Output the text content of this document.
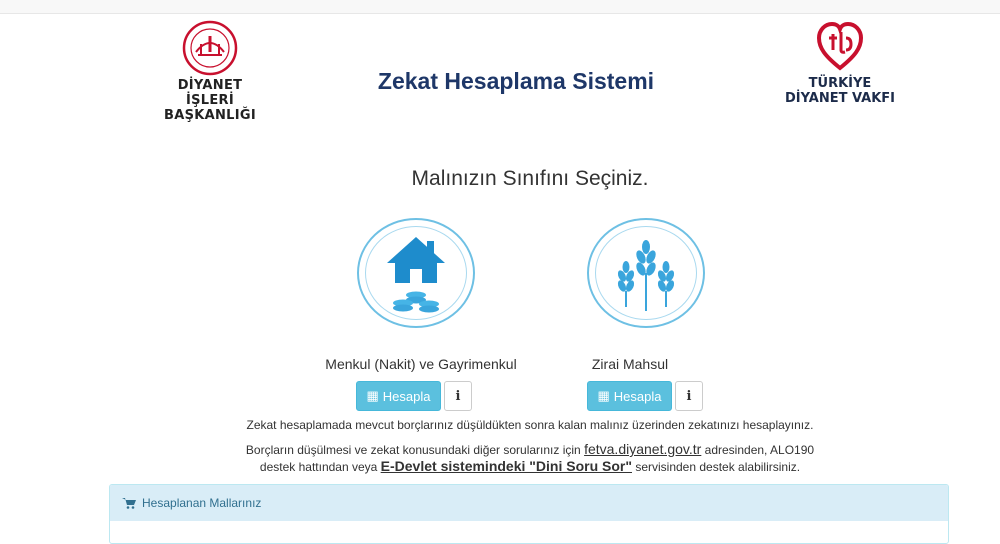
DİYANET
İŞLERİ BAŞKANLIĞI
Zekat Hesaplama Sistemi	TÜRKİYE
DİYANET VAKFI
Malınızın Sınıfını Seçiniz.
Menkul (Nakit) ve Gayrimenkul
▦ Hesapla	i
Zirai Mahsul
▦ Hesapla	i
Zekat hesaplamada mevcut borçlarınız düşüldükten sonra kalan malınız üzerinden zekatınızı hesaplayınız.
Borçların düşülmesi ve zekat konusundaki diğer sorularınız için fetva.diyanet.gov.tr adresinden, ALO190
destek hattından veya E-Devlet sistemindeki "Dini Soru Sor" servisinden destek alabilirsiniz.
Hesaplanan Mallarınız
